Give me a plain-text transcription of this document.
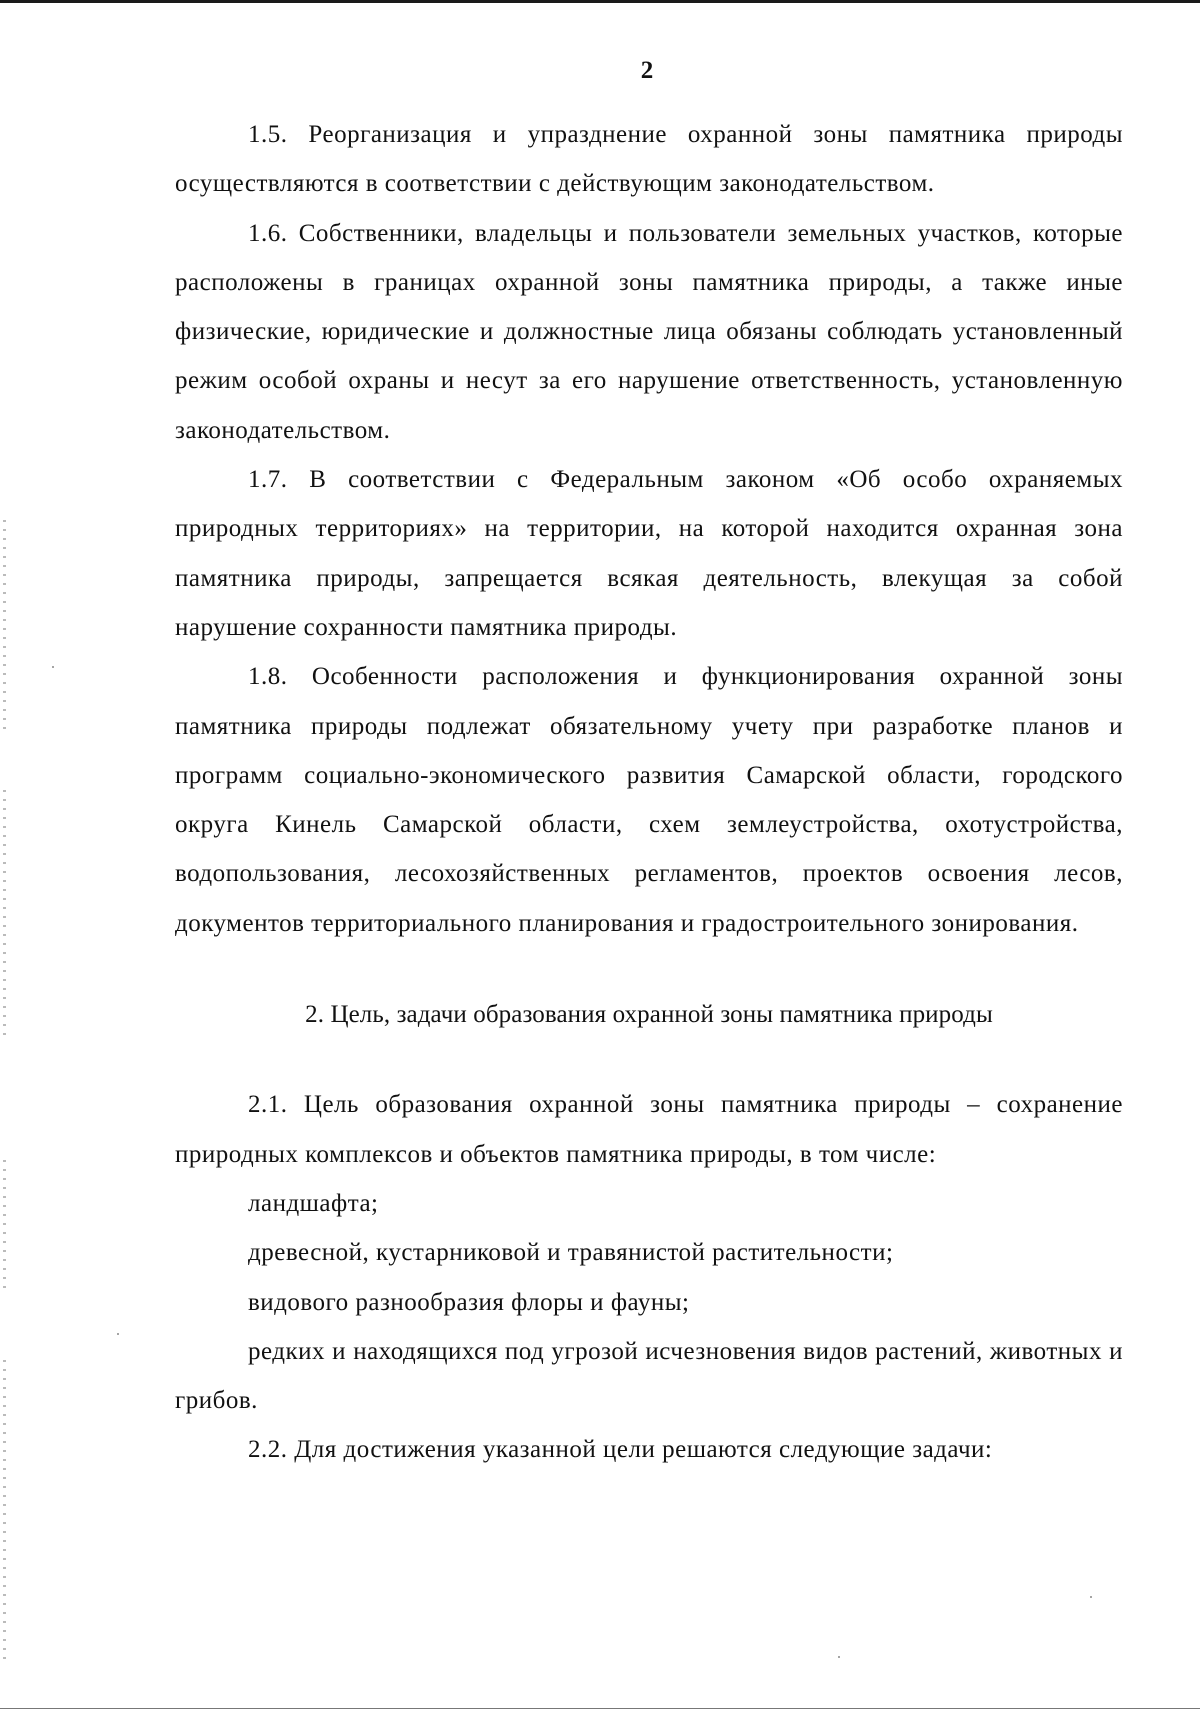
2

1.5. Реорганизация и упразднение охранной зоны памятника природы осуществляются в соответствии с действующим законодательством.

1.6. Собственники, владельцы и пользователи земельных участков, которые расположены в границах охранной зоны памятника природы, а также иные физические, юридические и должностные лица обязаны соблюдать установленный режим особой охраны и несут за его нарушение ответственность, установленную законодательством.

1.7. В соответствии с Федеральным законом «Об особо охраняемых природных территориях» на территории, на которой находится охранная зона памятника природы, запрещается всякая деятельность, влекущая за собой нарушение сохранности памятника природы.

1.8. Особенности расположения и функционирования охранной зоны памятника природы подлежат обязательному учету при разработке планов и программ социально-экономического развития Самарской области, городского округа Кинель Самарской области, схем землеустройства, охотустройства, водопользования, лесохозяйственных регламентов, проектов освоения лесов, документов территориального планирования и градостроительного зонирования.

2. Цель, задачи образования охранной зоны памятника природы

2.1. Цель образования охранной зоны памятника природы – сохранение природных комплексов и объектов памятника природы, в том числе:

ландшафта;

древесной, кустарниковой и травянистой растительности;

видового разнообразия флоры и фауны;

редких и находящихся под угрозой исчезновения видов растений, животных и грибов.

2.2. Для достижения указанной цели решаются следующие задачи:
